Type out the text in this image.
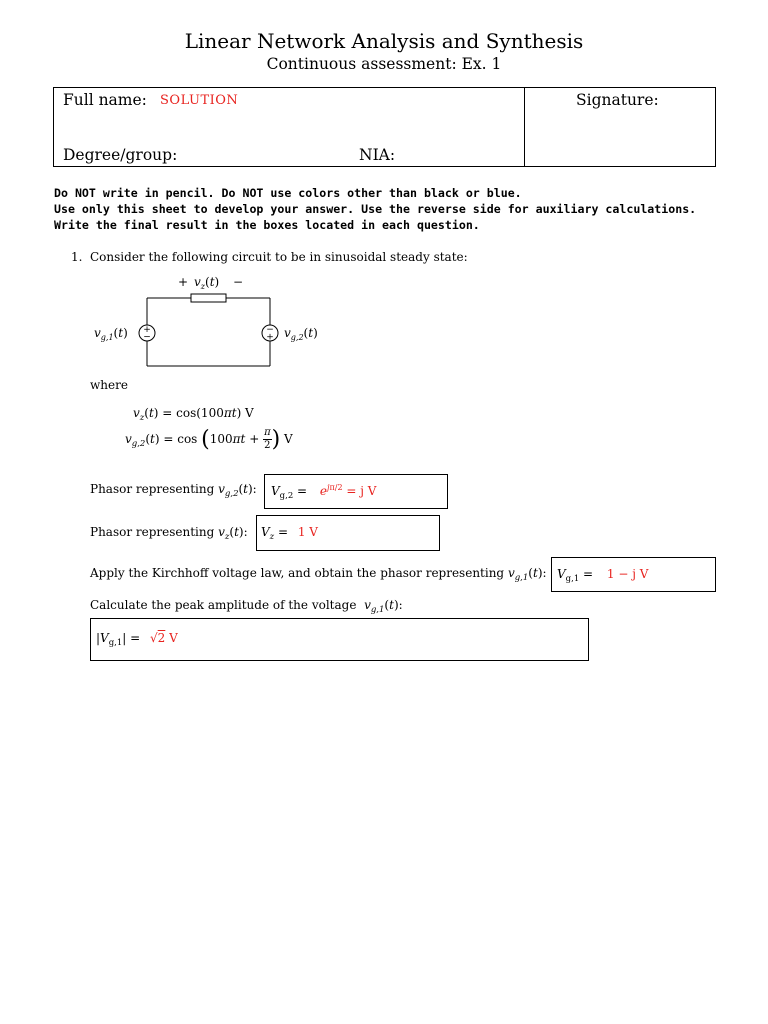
Linear Network Analysis and Synthesis
Continuous assessment: Ex. 1
Full name: SOLUTION	Signature:
Degree/group:	NIA:
Do NOT write in pencil. Do NOT use colors other than black or blue.
Use only this sheet to develop your answer. Use the reverse side for auxiliary calculations.
Write the final result in the boxes located in each question.
1. Consider the following circuit to be in sinusoidal steady state:
+
−
−
+
+ $v_z(t)$ −
$v_{g,1}(t)$	$v_{g,2}(t)$
where
$v_z(t) = \cos(100\pi t)$ V
$v_{g,2}(t) = \cos (100\pi t + \frac{\pi}{2}$ ) V
Phasor representing $v_{g,2}(t)$: $V_{g,2} = e^{j\pi/2} = j$ V
Phasor representing $v_z(t)$: $V_z = 1$ V
Apply the Kirchhoff voltage law, and obtain the phasor representing $v_{g,1}(t)$: $V_{g,1} = 1 - j$ V
Calculate the peak amplitude of the voltage $v_{g,1}(t)$:
$|V_{g,1}| = √2$ V
